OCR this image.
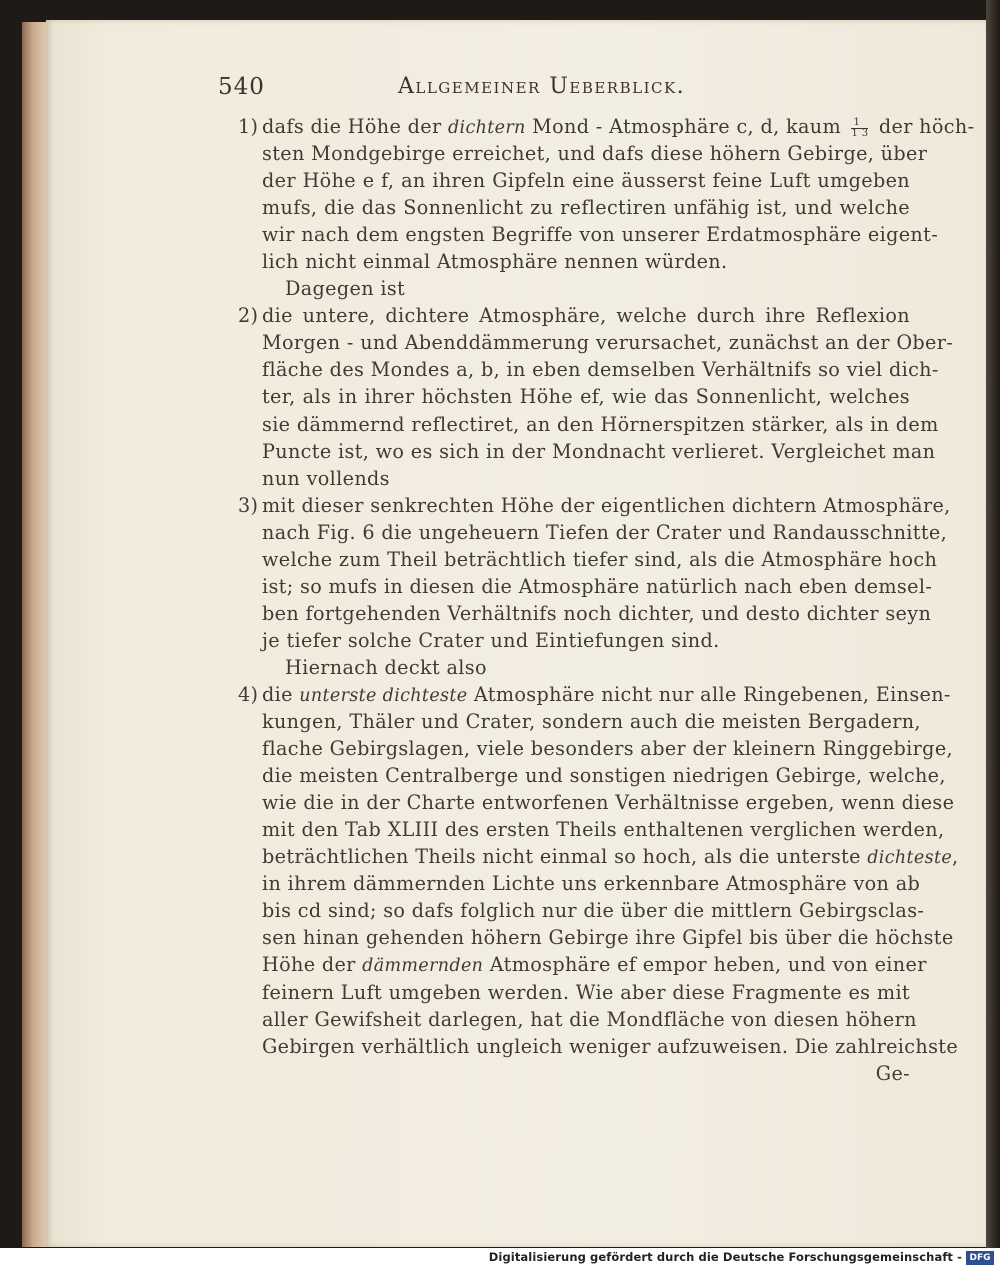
540	Allgemeiner Ueberblick.
1) dafs die Höhe der dichtern Mond - Atmosphäre c, d, kaum $\frac{1}{1 3}$ der höch-
sten Mondgebirge erreichet, und dafs diese höhern Gebirge, über
der Höhe e f, an ihren Gipfeln eine äusserst feine Luft umgeben
mufs, die das Sonnenlicht zu reflectiren unfähig ist, und welche
wir nach dem engsten Begriffe von unserer Erdatmosphäre eigent-
lich nicht einmal Atmosphäre nennen würden.
Dagegen ist
2) die untere, dichtere Atmosphäre, welche durch ihre Reflexion
Morgen - und Abenddämmerung verursachet, zunächst an der Ober-
fläche des Mondes a, b, in eben demselben Verhältnifs so viel dich-
ter, als in ihrer höchsten Höhe ef, wie das Sonnenlicht, welches
sie dämmernd reflectiret, an den Hörnerspitzen stärker, als in dem
Puncte ist, wo es sich in der Mondnacht verlieret. Vergleichet man
nun vollends
3) mit dieser senkrechten Höhe der eigentlichen dichtern Atmosphäre,
nach Fig. 6 die ungeheuern Tiefen der Crater und Randausschnitte,
welche zum Theil beträchtlich tiefer sind, als die Atmosphäre hoch
ist; so mufs in diesen die Atmosphäre natürlich nach eben demsel-
ben fortgehenden Verhältnifs noch dichter, und desto dichter seyn
je tiefer solche Crater und Eintiefungen sind.
Hiernach deckt also
4) die unterste dichteste Atmosphäre nicht nur alle Ringebenen, Einsen-
kungen, Thäler und Crater, sondern auch die meisten Bergadern,
flache Gebirgslagen, viele besonders aber der kleinern Ringgebirge,
die meisten Centralberge und sonstigen niedrigen Gebirge, welche,
wie die in der Charte entworfenen Verhältnisse ergeben, wenn diese
mit den Tab XLIII des ersten Theils enthaltenen verglichen werden,
beträchtlichen Theils nicht einmal so hoch, als die unterste dichteste,
in ihrem dämmernden Lichte uns erkennbare Atmosphäre von ab
bis cd sind; so dafs folglich nur die über die mittlern Gebirgsclas-
sen hinan gehenden höhern Gebirge ihre Gipfel bis über die höchste
Höhe der dämmernden Atmosphäre ef empor heben, und von einer
feinern Luft umgeben werden. Wie aber diese Fragmente es mit
aller Gewifsheit darlegen, hat die Mondfläche von diesen höhern
Gebirgen verhältlich ungleich weniger aufzuweisen. Die zahlreichste
Ge-
Digitalisierung gefördert durch die Deutsche Forschungsgemeinschaft - DFG
